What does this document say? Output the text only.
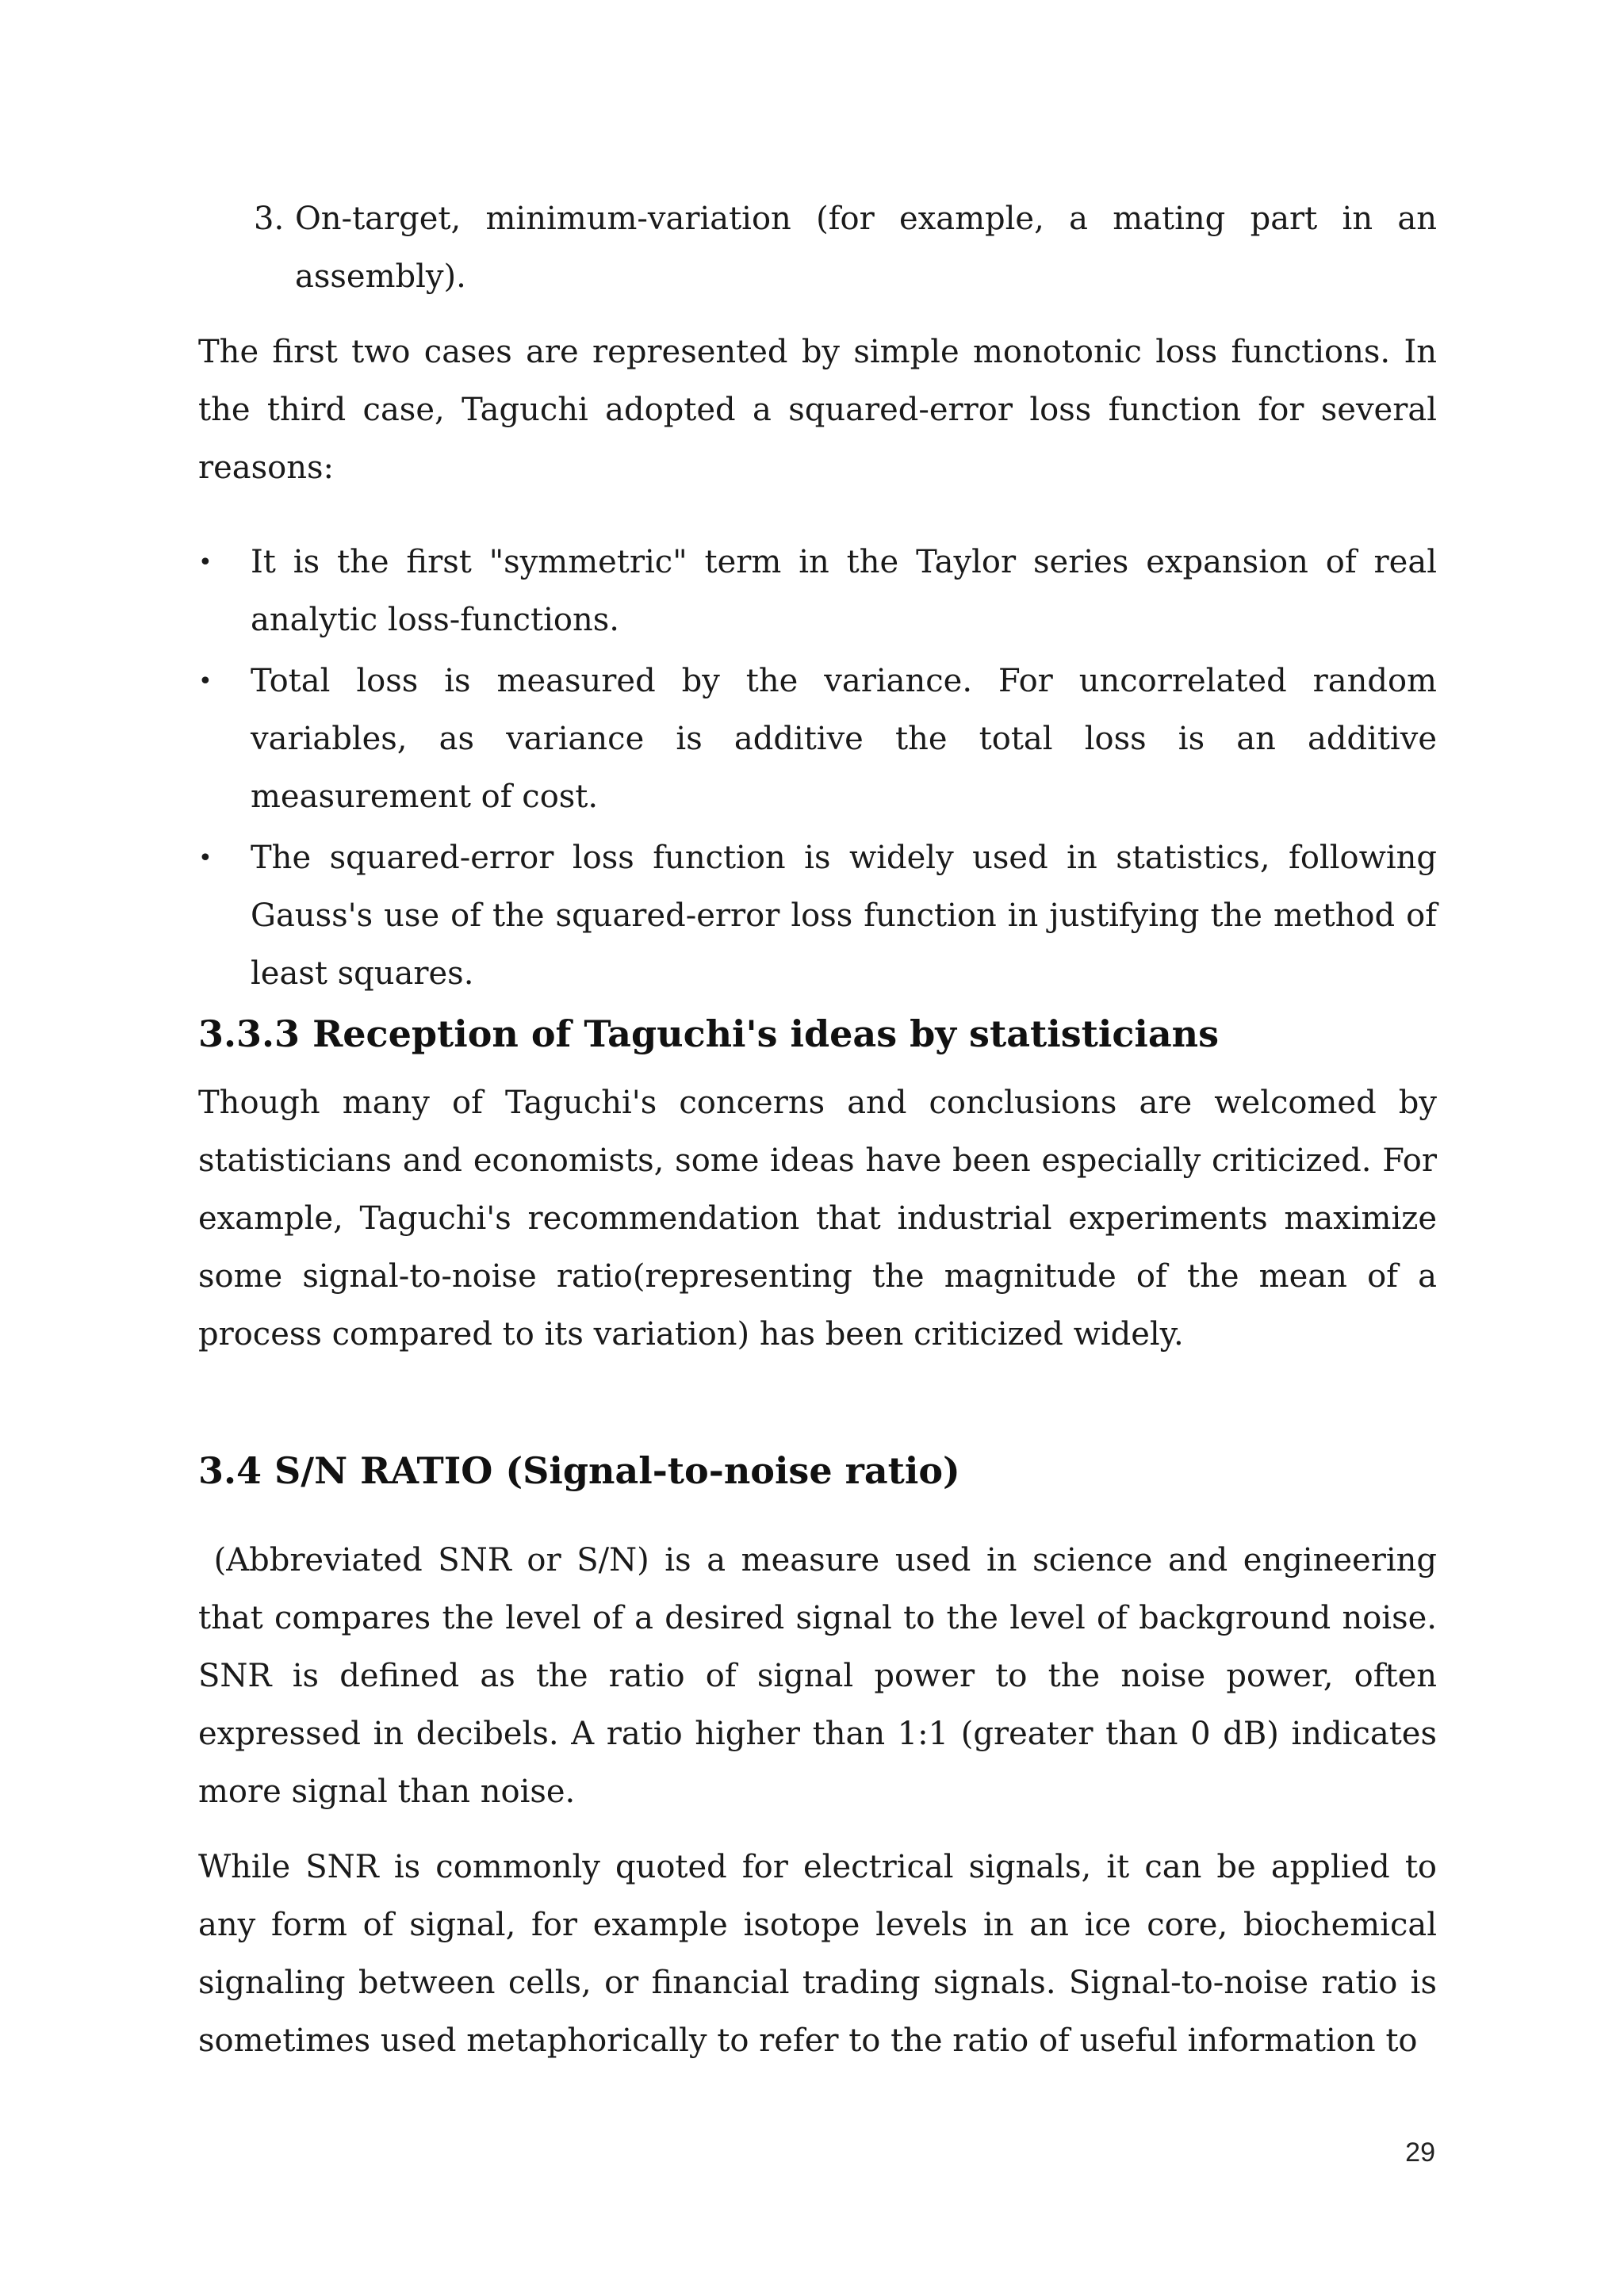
3. On-target, minimum-variation (for example, a mating part in an assembly).

The first two cases are represented by simple monotonic loss functions. In the third case, Taguchi adopted a squared-error loss function for several reasons:

•	It is the first "symmetric" term in the Taylor series expansion of real analytic loss-functions.
•	Total loss is measured by the variance. For uncorrelated random variables, as variance is additive the total loss is an additive measurement of cost.
•	The squared-error loss function is widely used in statistics, following Gauss's use of the squared-error loss function in justifying the method of least squares.
3.3.3 Reception of Taguchi's ideas by statisticians

Though many of Taguchi's concerns and conclusions are welcomed by statisticians and economists, some ideas have been especially criticized. For example, Taguchi's recommendation that industrial experiments maximize some signal-to-noise ratio(representing the magnitude of the mean of a process compared to its variation) has been criticized widely.

3.4 S/N RATIO (Signal-to-noise ratio)

(Abbreviated SNR or S/N) is a measure used in science and engineering that compares the level of a desired signal to the level of background noise. SNR is defined as the ratio of signal power to the noise power, often expressed in decibels. A ratio higher than 1:1 (greater than 0 dB) indicates more signal than noise.

While SNR is commonly quoted for electrical signals, it can be applied to any form of signal, for example isotope levels in an ice core, biochemical signaling between cells, or financial trading signals. Signal-to-noise ratio is sometimes used metaphorically to refer to the ratio of useful information to

29
